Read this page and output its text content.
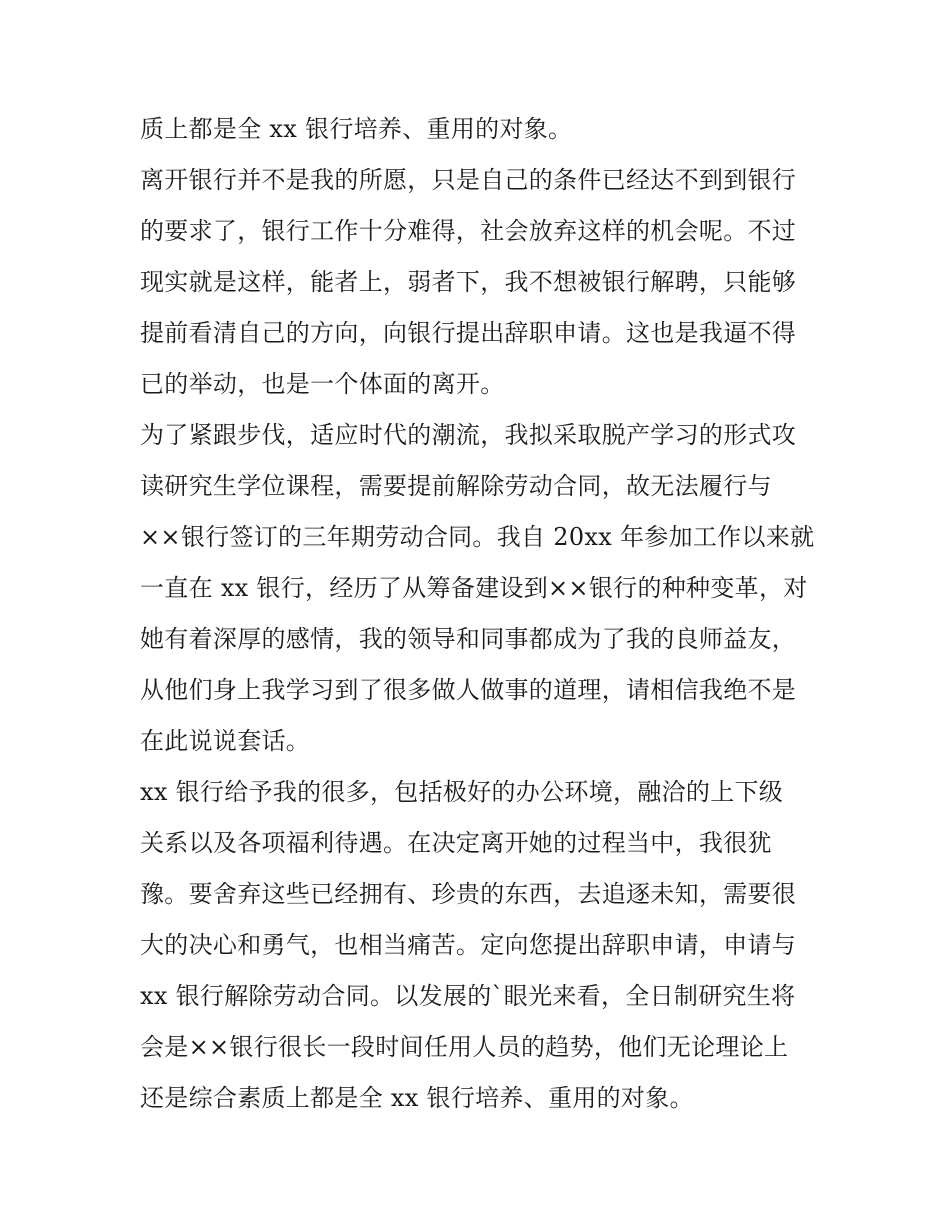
质上都是全 xx 银行培养、重用的对象。
离开银行并不是我的所愿，只是自己的条件已经达不到到银行
的要求了，银行工作十分难得，社会放弃这样的机会呢。不过
现实就是这样，能者上，弱者下，我不想被银行解聘，只能够
提前看清自己的方向，向银行提出辞职申请。这也是我逼不得
已的举动，也是一个体面的离开。
为了紧跟步伐，适应时代的潮流，我拟采取脱产学习的形式攻
读研究生学位课程，需要提前解除劳动合同，故无法履行与
××银行签订的三年期劳动合同。我自 20xx 年参加工作以来就
一直在 xx 银行，经历了从筹备建设到××银行的种种变革，对
她有着深厚的感情，我的领导和同事都成为了我的良师益友，
从他们身上我学习到了很多做人做事的道理，请相信我绝不是
在此说说套话。
xx 银行给予我的很多，包括极好的办公环境，融洽的上下级
关系以及各项福利待遇。在决定离开她的过程当中，我很犹
豫。要舍弃这些已经拥有、珍贵的东西，去追逐未知，需要很
大的决心和勇气，也相当痛苦。定向您提出辞职申请，申请与
xx 银行解除劳动合同。以发展的`眼光来看，全日制研究生将
会是××银行很长一段时间任用人员的趋势，他们无论理论上
还是综合素质上都是全 xx 银行培养、重用的对象。
